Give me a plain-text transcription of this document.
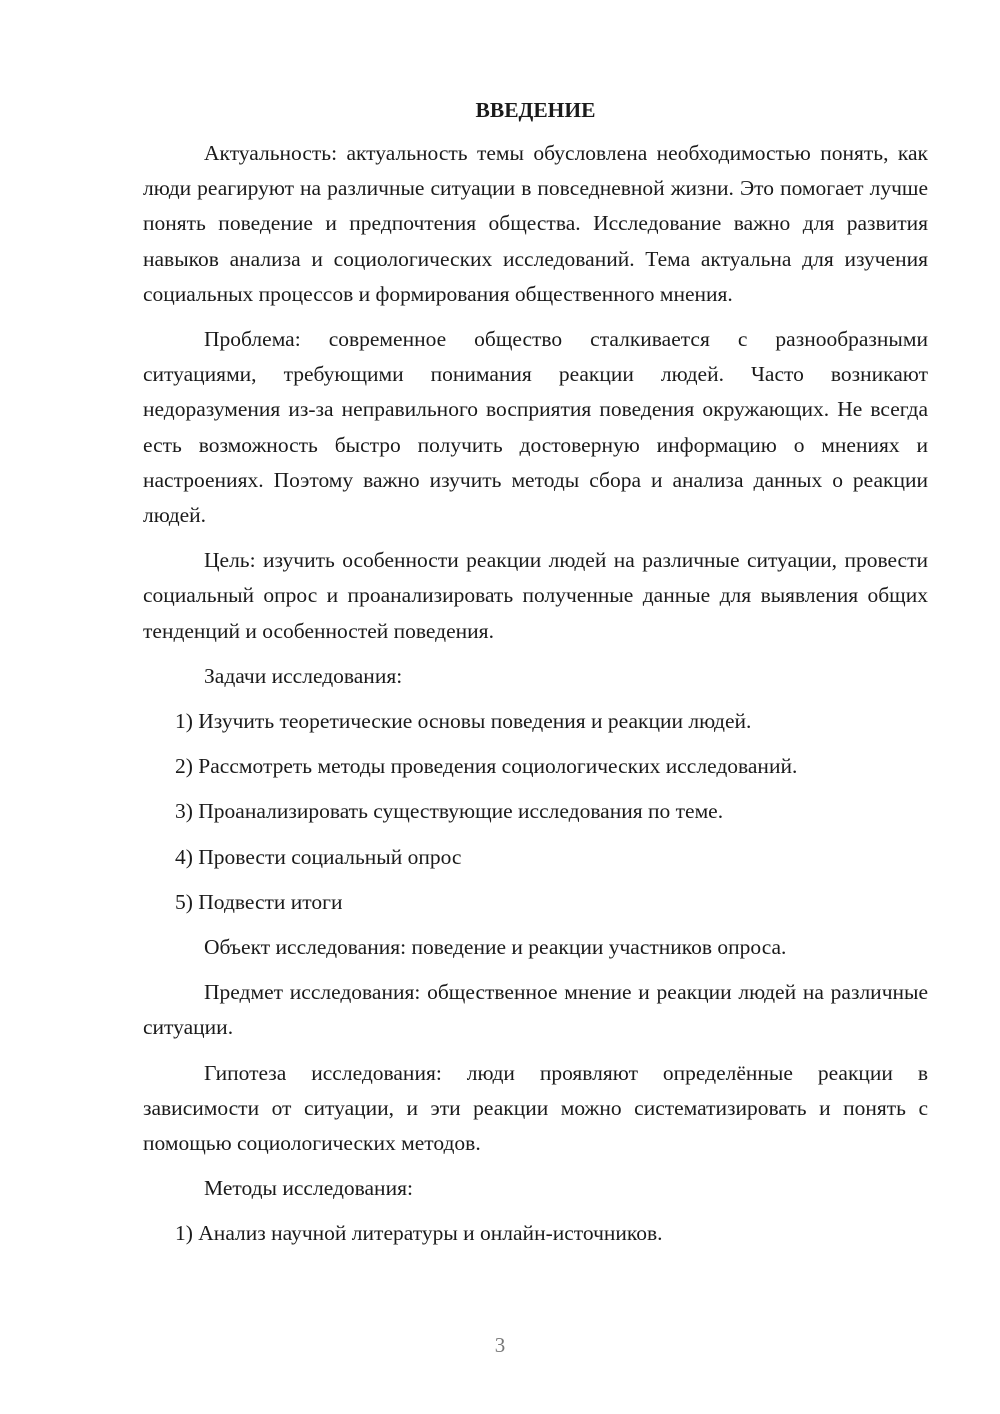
ВВЕДЕНИЕ

Актуальность: актуальность темы обусловлена необходимостью понять, как люди реагируют на различные ситуации в повседневной жизни. Это помогает лучше понять поведение и предпочтения общества. Исследование важно для развития навыков анализа и социологических исследований. Тема актуальна для изучения социальных процессов и формирования общественного мнения.

Проблема: современное общество сталкивается с разнообразными ситуациями, требующими понимания реакции людей. Часто возникают недоразумения из-за неправильного восприятия поведения окружающих. Не всегда есть возможность быстро получить достоверную информацию о мнениях и настроениях. Поэтому важно изучить методы сбора и анализа данных о реакции людей.

Цель: изучить особенности реакции людей на различные ситуации, провести социальный опрос и проанализировать полученные данные для выявления общих тенденций и особенностей поведения.

Задачи исследования:

1) Изучить теоретические основы поведения и реакции людей.
2) Рассмотреть методы проведения социологических исследований.
3) Проанализировать существующие исследования по теме.
4) Провести социальный опрос
5) Подвести итоги

Объект исследования: поведение и реакции участников опроса.

Предмет исследования: общественное мнение и реакции людей на различные ситуации.

Гипотеза исследования: люди проявляют определённые реакции в зависимости от ситуации, и эти реакции можно систематизировать и понять с помощью социологических методов.

Методы исследования:

1) Анализ научной литературы и онлайн-источников.
3
